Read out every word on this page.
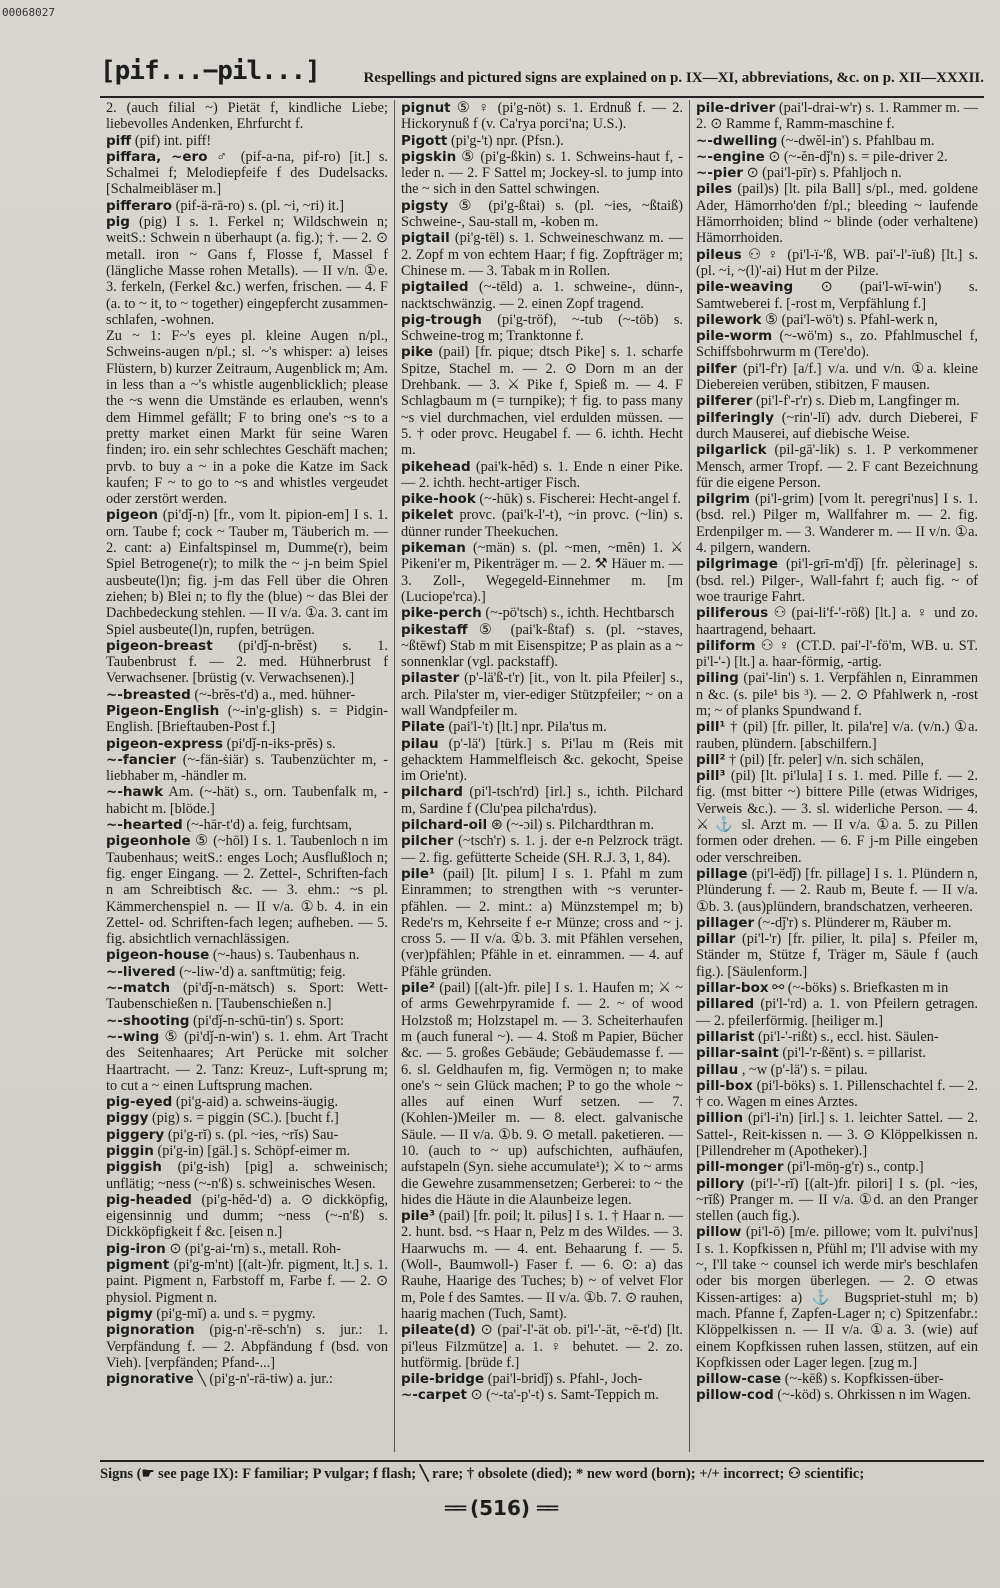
00068027
[pif...−pil...]	Respellings and pictured signs are explained on p. IX—XI, abbreviations, &c. on p. XII—XXXII.

2. (auch filial ~) Pietät f, kindliche Liebe; liebevolles Andenken, Ehrfurcht f.

piff (pif) int. piff!

piffara, ~ero ♂ (pif-a-na, pif-ro) [it.] s. Schalmei f; Melodiepfeife f des Dudelsacks. [Schalmeibläser m.]

pifferaro (pif-ä-rā-ro) s. (pl. ~i, ~ri) it.]

pig (pig) I s. 1. Ferkel n; Wildschwein n; weitS.: Schwein n überhaupt (a. fig.); †. — 2. ⊙ metall. iron ~ Gans f, Flosse f, Massel f (längliche Masse rohen Metalls). — II v/n. ①e. 3. ferkeln, (Ferkel &c.) werfen, frischen. — 4. F (a. to ~ it, to ~ together) eingepfercht zusammen-schlafen, -wohnen.

Zu ~ 1: F~'s eyes pl. kleine Augen n/pl., Schweins-augen n/pl.; sl. ~'s whisper: a) leises Flüstern, b) kurzer Zeitraum, Augenblick m; Am. in less than a ~'s whistle augenblicklich; please the ~s wenn die Umstände es erlauben, wenn's dem Himmel gefällt; F to bring one's ~s to a pretty market einen Markt für seine Waren finden; iro. ein sehr schlechtes Geschäft machen; prvb. to buy a ~ in a poke die Katze im Sack kaufen; F ~ to go to ~s and whistles vergeudet oder zerstört werden.

pigeon (pi'dǰ-n) [fr., vom lt. pipion-em] I s. 1. orn. Taube f; cock ~ Tauber m, Täuberich m. — 2. cant: a) Einfaltspinsel m, Dumme(r), beim Spiel Betrogene(r); to milk the ~ j-n beim Spiel ausbeute(l)n; fig. j-m das Fell über die Ohren ziehen; b) Blei n; to fly the (blue) ~ das Blei der Dachbedeckung stehlen. — II v/a. ①a. 3. cant im Spiel ausbeute(l)n, rupfen, betrügen.

pigeon-breast (pi'dǰ-n-brĕst) s. 1. Taubenbrust f. — 2. med. Hühnerbrust f Verwachsener. [brüstig (v. Verwachsenen).]

~-breasted (~-brĕs-t'd) a., med. hühner-

Pigeon-English (~-in'g-glish) s. = Pidgin-English. [Brieftauben-Post f.]

pigeon-express (pi'dǰ-n-iks-prĕs) s.

~-fancier (~-fän-ṡiär) s. Taubenzüchter m, -liebhaber m, -händler m.

~-hawk Am. (~-hät) s., orn. Taubenfalk m, -habicht m. [blöde.]

~-hearted (~-hār-t'd) a. feig, furchtsam,

pigeonhole ⑤ (~hōl) I s. 1. Taubenloch n im Taubenhaus; weitS.: enges Loch; Ausflußloch n; fig. enger Eingang. — 2. Zettel-, Schriften-fach n am Schreibtisch &c. — 3. ehm.: ~s pl. Kämmerchenspiel n. — II v/a. ①b. 4. in ein Zettel- od. Schriften-fach legen; aufheben. — 5. fig. absichtlich vernachlässigen.

pigeon-house (~-haus) s. Taubenhaus n.

~-livered (~-liw-'d) a. sanftmütig; feig.

~-match (pi'dǰ-n-mätsch) s. Sport: Wett-Taubenschießen n. [Taubenschießen n.]

~-shooting (pi'dǰ-n-schū-tin') s. Sport:

~-wing ⑤ (pi'dǰ-n-win') s. 1. ehm. Art Tracht des Seitenhaares; Art Perücke mit solcher Haartracht. — 2. Tanz: Kreuz-, Luft-sprung m; to cut a ~ einen Luftsprung machen.

pig-eyed (pi'g-aid) a. schweins-äugig.

piggy (pig) s. = piggin (SC.). [bucht f.]

piggery (pi'g-rĭ) s. (pl. ~ies, ~rĭs) Sau-

piggin (pi'g-in) [gäl.] s. Schöpf-eimer m.

piggish (pi'g-ish) [pig] a. schweinisch; unflätig; ~ness (~-n'ß) s. schweinisches Wesen.

pig-headed (pi'g-hĕd-'d) a. ⊙ dickköpfig, eigensinnig und dumm; ~ness (~-n'ß) s. Dickköpfigkeit f &c. [eisen n.]

pig-iron ⊙ (pi'g-ai-'rn) s., metall. Roh-

pigment (pi'g-m'nt) [(alt-)fr. pigment, lt.] s. 1. paint. Pigment n, Farbstoff m, Farbe f. — 2. ⊙ physiol. Pigment n.

pigmy (pi'g-mĭ) a. und s. = pygmy.

pignoration (pig-n'-rē-sch'n) s. jur.: 1. Verpfändung f. — 2. Abpfändung f (bsd. von Vieh). [verpfänden; Pfand-...]

pignorative ╲ (pi'g-n'-rä-tiw) a. jur.:

pignut ⑤ ♀ (pi'g-nöt) s. 1. Erdnuß f. — 2. Hickorynuß f (v. Ca'rya porci'na; U.S.).

Pigott (pi'g-'t) npr. (Pfsn.).

pigskin ⑤ (pi'g-ßkin) s. 1. Schweins-haut f, -leder n. — 2. F Sattel m; Jockey-sl. to jump into the ~ sich in den Sattel schwingen.

pigsty ⑤ (pi'g-ßtai) s. (pl. ~ies, ~ßtaiß) Schweine-, Sau-stall m, -koben m.

pigtail (pi'g-tēl) s. 1. Schweineschwanz m. — 2. Zopf m von echtem Haar; f fig. Zopfträger m; Chinese m. — 3. Tabak m in Rollen.

pigtailed (~-tēld) a. 1. schweine-, dünn-, nacktschwänzig. — 2. einen Zopf tragend.

pig-trough (pi'g-tröf), ~-tub (~-töb) s. Schweine-trog m; Tranktonne f.

pike (pail) [fr. pique; dtsch Pike] s. 1. scharfe Spitze, Stachel m. — 2. ⊙ Dorn m an der Drehbank. — 3. ⚔ Pike f, Spieß m. — 4. F Schlagbaum m (= turnpike); † fig. to pass many ~s viel durchmachen, viel erdulden müssen. — 5. † oder provc. Heugabel f. — 6. ichth. Hecht m.

pikehead (pai'k-hĕd) s. 1. Ende n einer Pike. — 2. ichth. hecht-artiger Fisch.

pike-hook (~-hūk) s. Fischerei: Hecht-angel f.

pikelet provc. (pai'k-l'-t), ~in provc. (~lin) s. dünner runder Theekuchen.

pikeman (~män) s. (pl. ~men, ~mĕn) 1. ⚔ Pikeni'er m, Pikenträger m. — 2. ⚒ Häuer m. — 3. Zoll-, Wegegeld-Einnehmer m. [m (Luciope'rca).]

pike-perch (~-pö'tsch) s., ichth. Hechtbarsch

pikestaff ⑤ (pai'k-ßtaf) s. (pl. ~staves, ~ßtēwf) Stab m mit Eisenspitze; P as plain as a ~ sonnenklar (vgl. packstaff).

pilaster (p'-lä'ß-t'r) [it., von lt. pila Pfeiler] s., arch. Pila'ster m, vier-ediger Stützpfeiler; ~ on a wall Wandpfeiler m.

Pilate (pai'l-'t) [lt.] npr. Pila'tus m.

pilau (p'-lä') [türk.] s. Pi'lau m (Reis mit gehacktem Hammelfleisch &c. gekocht, Speise im Orie'nt).

pilchard (pi'l-tsch'rd) [irl.] s., ichth. Pilchard m, Sardine f (Clu'pea pilcha'rdus).

pilchard-oil ⊛ (~-ɔil) s. Pilchardthran m.

pilcher (~tsch'r) s. 1. j. der e-n Pelzrock trägt. — 2. fig. gefütterte Scheide (SH. R.J. 3, 1, 84).

pile¹ (pail) [lt. pilum] I s. 1. Pfahl m zum Einrammen; to strengthen with ~s verunter-pfählen. — 2. mint.: a) Münzstempel m; b) Rede'rs m, Kehrseite f e-r Münze; cross and ~ j. cross 5. — II v/a. ①b. 3. mit Pfählen versehen, (ver)pfählen; Pfähle in et. einrammen. — 4. auf Pfähle gründen.

pile² (pail) [(alt-)fr. pile] I s. 1. Haufen m; ⚔ ~ of arms Gewehrpyramide f. — 2. ~ of wood Holzstoß m; Holzstapel m. — 3. Scheiterhaufen m (auch funeral ~). — 4. Stoß m Papier, Bücher &c. — 5. großes Gebäude; Gebäudemasse f. — 6. sl. Geldhaufen m, fig. Vermögen n; to make one's ~ sein Glück machen; P to go the whole ~ alles auf einen Wurf setzen. — 7. (Kohlen-)Meiler m. — 8. elect. galvanische Säule. — II v/a. ①b. 9. ⊙ metall. paketieren. — 10. (auch to ~ up) aufschichten, aufhäufen, aufstapeln (Syn. siehe accumulate¹); ⚔ to ~ arms die Gewehre zusammensetzen; Gerberei: to ~ the hides die Häute in die Alaunbeize legen.

pile³ (pail) [fr. poil; lt. pilus] I s. 1. † Haar n. — 2. hunt. bsd. ~s Haar n, Pelz m des Wildes. — 3. Haarwuchs m. — 4. ent. Behaarung f. — 5. (Woll-, Baumwoll-) Faser f. — 6. ⊙: a) das Rauhe, Haarige des Tuches; b) ~ of velvet Flor m, Pole f des Samtes. — II v/a. ①b. 7. ⊙ rauhen, haarig machen (Tuch, Samt).

pileate(d) ⊙ (pai'-l'-ät ob. pi'l-'-ät, ~ē-t'd) [lt. pi'leus Filzmütze] a. 1. ♀ behutet. — 2. zo. hutförmig. [brüde f.]

pile-bridge (pai'l-bridǰ) s. Pfahl-, Joch-

~-carpet ⊙ (~-ta'-p'-t) s. Samt-Teppich m.

pile-driver (pai'l-drai-w'r) s. 1. Rammer m. — 2. ⊙ Ramme f, Ramm-maschine f.

~-dwelling (~-dwĕl-in') s. Pfahlbau m.

~-engine ⊙ (~-ĕn-dǰ'n) s. = pile-driver 2.

~-pier ⊙ (pai'l-pīr) s. Pfahljoch n.

piles (pail)s) [lt. pila Ball] s/pl., med. goldene Ader, Hämorrho'den f/pl.; bleeding ~ laufende Hämorrhoiden; blind ~ blinde (oder verhaltene) Hämorrhoiden.

pileus ⚇ ♀ (pi'l-ï-'ß, WB. pai'-l'-ïuß) [lt.] s. (pl. ~i, ~(l)'-ai) Hut m der Pilze.

pile-weaving ⊙ (pai'l-wī-win') s. Samtweberei f. [-rost m, Verpfählung f.]

pilework ⑤ (pai'l-wö't) s. Pfahl-werk n,

pile-worm (~-wö'm) s., zo. Pfahlmuschel f, Schiffsbohrwurm m (Tere'do).

pilfer (pi'l-f'r) [a/f.] v/a. und v/n. ①a. kleine Diebereien verüben, stibitzen, F mausen.

pilferer (pi'l-f'-r'r) s. Dieb m, Langfinger m.

pilferingly (~rin'-lĭ) adv. durch Dieberei, F durch Mauserei, auf diebische Weise.

pilgarlick (pil-gā'-lik) s. 1. P verkommener Mensch, armer Tropf. — 2. F cant Bezeichnung für die eigene Person.

pilgrim (pi'l-grim) [vom lt. peregri'nus] I s. 1. (bsd. rel.) Pilger m, Wallfahrer m. — 2. fig. Erdenpilger m. — 3. Wanderer m. — II v/n. ①a. 4. pilgern, wandern.

pilgrimage (pi'l-grī-m'dǰ) [fr. pèlerinage] s. (bsd. rel.) Pilger-, Wall-fahrt f; auch fig. ~ of woe traurige Fahrt.

piliferous ⚇ (pai-li'f-'-röß) [lt.] a. ♀ und zo. haartragend, behaart.

piliform ⚇ ♀ (CT.D. pai'-l'-fö'm, WB. u. ST. pi'l-'-) [lt.] a. haar-förmig, -artig.

piling (pai'-lin') s. 1. Verpfählen n, Einrammen n &c. (s. pile¹ bis ³). — 2. ⊙ Pfahlwerk n, -rost m; ~ of planks Spundwand f.

pill¹ † (pil) [fr. piller, lt. pila're] v/a. (v/n.) ①a. rauben, plündern. [abschilfern.]

pill² † (pil) [fr. peler] v/n. sich schälen,

pill³ (pil) [lt. pi'lula] I s. 1. med. Pille f. — 2. fig. (mst bitter ~) bittere Pille (etwas Widriges, Verweis &c.). — 3. sl. widerliche Person. — 4. ⚔ ⚓ sl. Arzt m. — II v/a. ①a. 5. zu Pillen formen oder drehen. — 6. F j-m Pille eingeben oder verschreiben.

pillage (pi'l-ëdǰ) [fr. pillage] I s. 1. Plündern n, Plünderung f. — 2. Raub m, Beute f. — II v/a. ①b. 3. (aus)plündern, brandschatzen, verheeren.

pillager (~-dǰ'r) s. Plünderer m, Räuber m.

pillar (pi'l-'r) [fr. pilier, lt. pila] s. Pfeiler m, Ständer m, Stütze f, Träger m, Säule f (auch fig.). [Säulenform.]

pillar-box ⚯ (~-böks) s. Briefkasten m in

pillared (pi'l-'rd) a. 1. von Pfeilern getragen. — 2. pfeilerförmig. [heiliger m.]

pillarist (pi'l-'-rißt) s., eccl. hist. Säulen-

pillar-saint (pi'l-'r-ßēnt) s. = pillarist.

pillau , ~w (p'-lä') s. = pilau.

pill-box (pi'l-böks) s. 1. Pillenschachtel f. — 2. † co. Wagen m eines Arztes.

pillion (pi'l-i'n) [irl.] s. 1. leichter Sattel. — 2. Sattel-, Reit-kissen n. — 3. ⊙ Klöppelkissen n. [Pillendreher m (Apotheker).]

pill-monger (pi'l-möŋ-g'r) s., contp.]

pillory (pi'l-'-rĭ) [(alt-)fr. pilori] I s. (pl. ~ies, ~rĭß) Pranger m. — II v/a. ①d. an den Pranger stellen (auch fig.).

pillow (pi'l-ō) [m/e. pillowe; vom lt. pulvi'nus] I s. 1. Kopfkissen n, Pfühl m; I'll advise with my ~, I'll take ~ counsel ich werde mir's beschlafen oder bis morgen überlegen. — 2. ⊙ etwas Kissen-artiges: a) ⚓ Bugspriet-stuhl m; b) mach. Pfanne f, Zapfen-Lager n; c) Spitzenfabr.: Klöppelkissen n. — II v/a. ①a. 3. (wie) auf einem Kopfkissen ruhen lassen, stützen, auf ein Kopfkissen oder Lager legen. [zug m.]

pillow-case (~-kēß) s. Kopfkissen-über-

pillow-cod (~-köd) s. Ohrkissen n im Wagen.

Signs (☛ see page IX): F familiar; P vulgar; f flash; ╲ rare; † obsolete (died); * new word (born); +/+ incorrect; ⚇ scientific;
══ (516) ══
